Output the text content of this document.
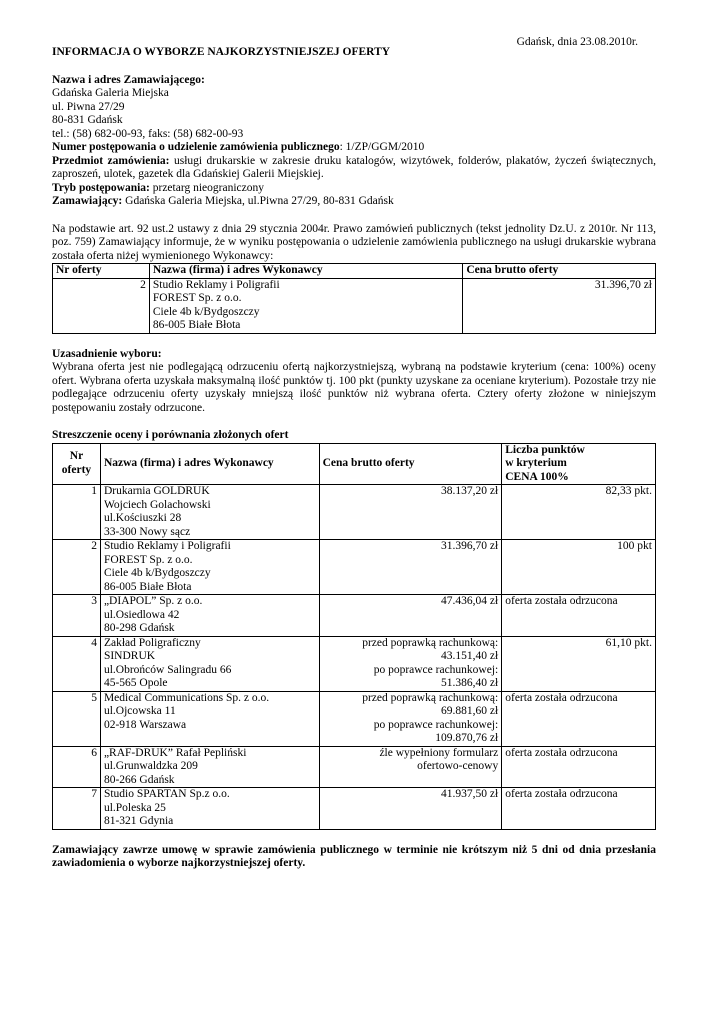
Gdańsk, dnia 23.08.2010r.
INFORMACJA O WYBORZE NAJKORZYSTNIEJSZEJ OFERTY
Nazwa i adres Zamawiającego:
Gdańska Galeria Miejska
ul. Piwna 27/29
80-831 Gdańsk
tel.: (58) 682-00-93, faks: (58) 682-00-93
Numer postępowania o udzielenie zamówienia publicznego: 1/ZP/GGM/2010
Przedmiot zamówienia: usługi drukarskie w zakresie druku katalogów, wizytówek, folderów, plakatów, życzeń świątecznych, zaproszeń, ulotek, gazetek dla Gdańskiej Galerii Miejskiej.
Tryb postępowania: przetarg nieograniczony
Zamawiający: Gdańska Galeria Miejska, ul.Piwna 27/29, 80-831 Gdańsk
Na podstawie art. 92 ust.2 ustawy z dnia 29 stycznia 2004r. Prawo zamówień publicznych (tekst jednolity Dz.U. z 2010r. Nr 113, poz. 759) Zamawiający informuje, że w wyniku postępowania o udzielenie zamówienia publicznego na usługi drukarskie wybrana została oferta niżej wymienionego Wykonawcy:
Nr oferty	Nazwa (firma) i adres Wykonawcy	Cena brutto oferty
2	Studio Reklamy i Poligrafii
FOREST Sp. z o.o.
Ciele 4b k/Bydgoszczy
86-005 Białe Błota	31.396,70 zł
Uzasadnienie wyboru:
Wybrana oferta jest nie podlegającą odrzuceniu ofertą najkorzystniejszą, wybraną na podstawie kryterium (cena: 100%) oceny ofert. Wybrana oferta uzyskała maksymalną ilość punktów tj. 100 pkt (punkty uzyskane za oceniane kryterium). Pozostałe trzy nie podlegające odrzuceniu oferty uzyskały mniejszą ilość punktów niż wybrana oferta. Cztery oferty złożone w niniejszym postępowaniu zostały odrzucone.
Streszczenie oceny i porównania złożonych ofert
Nr oferty	Nazwa (firma) i adres Wykonawcy	Cena brutto oferty	Liczba punktów
w kryterium
CENA 100%

1	Drukarnia GOLDRUK
Wojciech Golachowski
ul.Kościuszki 28
33-300 Nowy sącz	38.137,20 zł	82,33 pkt.
2	Studio Reklamy i Poligrafii
FOREST Sp. z o.o.
Ciele 4b k/Bydgoszczy
86-005 Białe Błota	31.396,70 zł	100 pkt
3	„DIAPOL” Sp. z o.o.
ul.Osiedlowa 42
80-298 Gdańsk	47.436,04 zł	oferta została odrzucona
4	Zakład Poligraficzny
SINDRUK
ul.Obrońców Salingradu 66
45-565 Opole	przed poprawką rachunkową:
43.151,40 zł
po poprawce rachunkowej:
51.386,40 zł	61,10 pkt.
5	Medical Communications Sp. z o.o.
ul.Ojcowska 11
02-918 Warszawa	przed poprawką rachunkową:
69.881,60 zł
po poprawce rachunkowej:
109.870,76 zł	oferta została odrzucona
6	„RAF-DRUK” Rafał Pepliński
ul.Grunwaldzka 209
80-266 Gdańsk	źle wypełniony formularz
ofertowo-cenowy	oferta została odrzucona
7	Studio SPARTAN Sp.z o.o.
ul.Poleska 25
81-321 Gdynia	41.937,50 zł	oferta została odrzucona
Zamawiający zawrze umowę w sprawie zamówienia publicznego w terminie nie krótszym niż 5 dni od dnia przesłania zawiadomienia o wyborze najkorzystniejszej oferty.
